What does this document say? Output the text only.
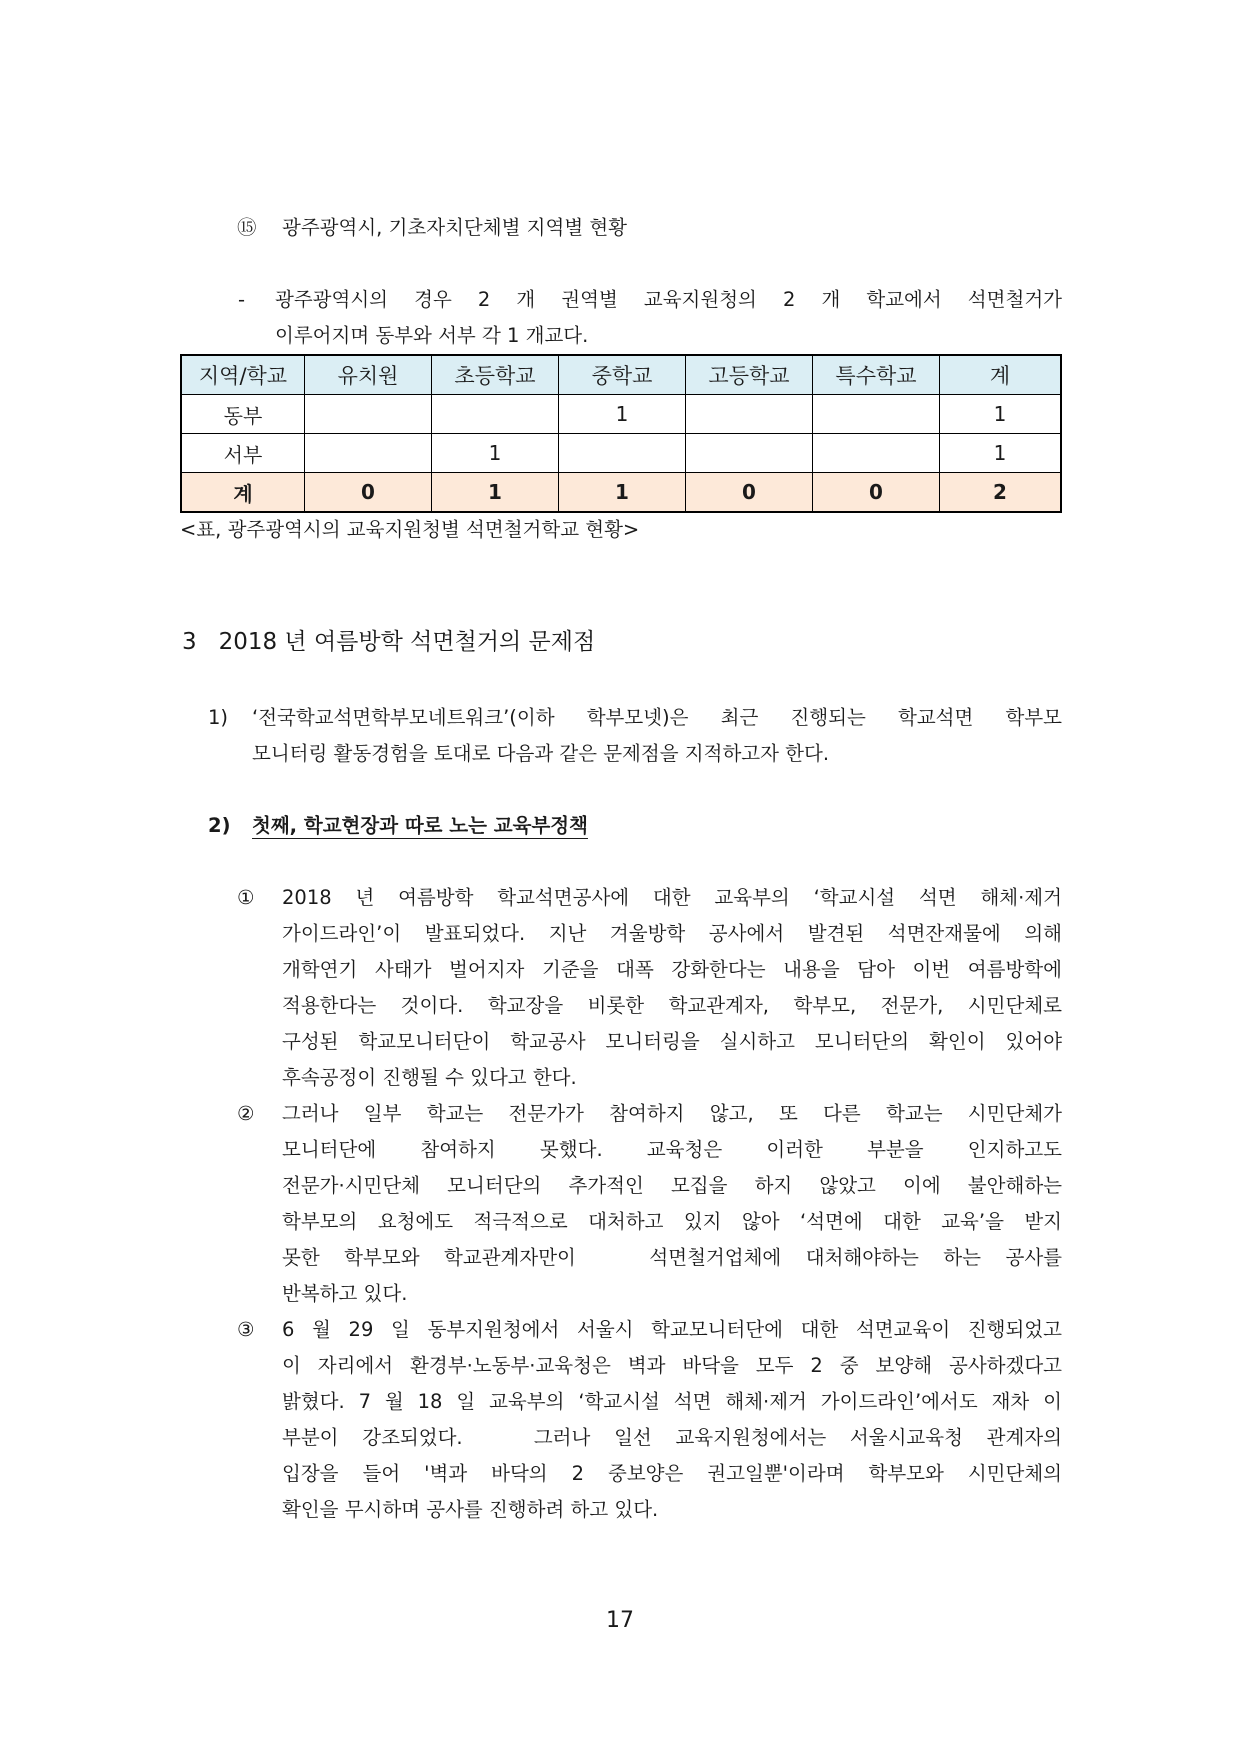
⑮ 광주광역시, 기초자치단체별 지역별 현황
- 광주광역시의 경우 2 개 권역별 교육지원청의 2 개 학교에서 석면철거가
이루어지며 동부와 서부 각 1 개교다.
지역/학교	유치원	초등학교	중학교	고등학교	특수학교	계
동부			1			1
서부		1				1
계	0	1	1	0	0	2
<표, 광주광역시의 교육지원청별 석면철거학교 현황>
3   2018 년 여름방학 석면철거의 문제점
1) ‘전국학교석면학부모네트워크’(이하 학부모넷)은 최근 진행되는 학교석면 학부모
모니터링 활동경험을 토대로 다음과 같은 문제점을 지적하고자 한다.
2) 첫째, 학교현장과 따로 노는 교육부정책
① 2018 년 여름방학 학교석면공사에 대한 교육부의 ‘학교시설 석면 해체·제거
가이드라인’이 발표되었다. 지난 겨울방학 공사에서 발견된 석면잔재물에 의해
개학연기 사태가 벌어지자 기준을 대폭 강화한다는 내용을 담아 이번 여름방학에
적용한다는 것이다. 학교장을 비롯한 학교관계자, 학부모, 전문가, 시민단체로
구성된 학교모니터단이 학교공사 모니터링을 실시하고 모니터단의 확인이 있어야
후속공정이 진행될 수 있다고 한다.
② 그러나 일부 학교는 전문가가 참여하지 않고, 또 다른 학교는 시민단체가
모니터단에 참여하지 못했다. 교육청은 이러한 부분을 인지하고도
전문가·시민단체 모니터단의 추가적인 모집을 하지 않았고 이에 불안해하는
학부모의 요청에도 적극적으로 대처하고 있지 않아 ‘석면에 대한 교육’을 받지
못한 학부모와 학교관계자만이   석면철거업체에 대처해야하는 하는 공사를
반복하고 있다.
③ 6 월 29 일 동부지원청에서 서울시 학교모니터단에 대한 석면교육이 진행되었고
이 자리에서 환경부·노동부·교육청은 벽과 바닥을 모두 2 중 보양해 공사하겠다고
밝혔다. 7 월 18 일 교육부의 ‘학교시설 석면 해체·제거 가이드라인’에서도 재차 이
부분이 강조되었다.   그러나 일선 교육지원청에서는 서울시교육청 관계자의
입장을 들어 '벽과 바닥의 2 중보양은 권고일뿐'이라며 학부모와 시민단체의
확인을 무시하며 공사를 진행하려 하고 있다.
17
